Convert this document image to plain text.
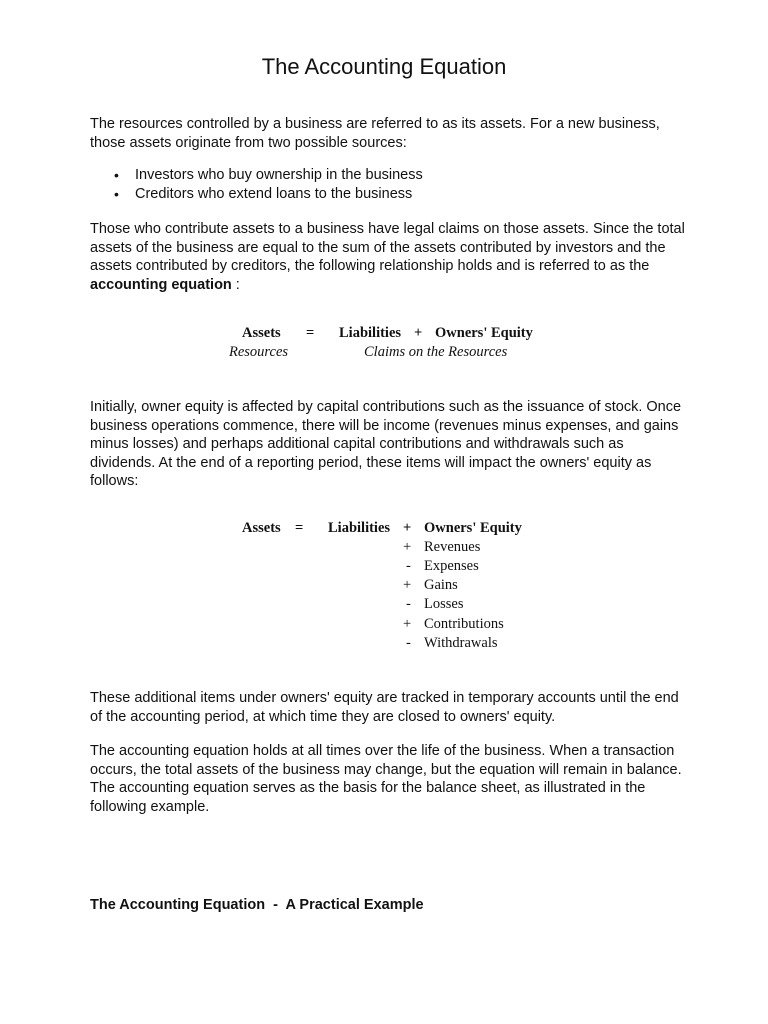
The Accounting Equation

The resources controlled by a business are referred to as its assets. For a new business, those assets originate from two possible sources:

• Investors who buy ownership in the business
• Creditors who extend loans to the business

Those who contribute assets to a business have legal claims on those assets. Since the total assets of the business are equal to the sum of the assets contributed by investors and the assets contributed by creditors, the following relationship holds and is referred to as the accounting equation :

Assets = Liabilities + Owners' Equity
Resources	Claims on the Resources

Initially, owner equity is affected by capital contributions such as the issuance of stock. Once business operations commence, there will be income (revenues minus expenses, and gains minus losses) and perhaps additional capital contributions and withdrawals such as dividends. At the end of a reporting period, these items will impact the owners' equity as follows:

Assets = Liabilities + Owners' Equity
+ Revenues
- Expenses
+ Gains
- Losses
+ Contributions
- Withdrawals

These additional items under owners' equity are tracked in temporary accounts until the end of the accounting period, at which time they are closed to owners' equity.

The accounting equation holds at all times over the life of the business. When a transaction occurs, the total assets of the business may change, but the equation will remain in balance. The accounting equation serves as the basis for the balance sheet, as illustrated in the following example.

The Accounting Equation  -  A Practical Example
